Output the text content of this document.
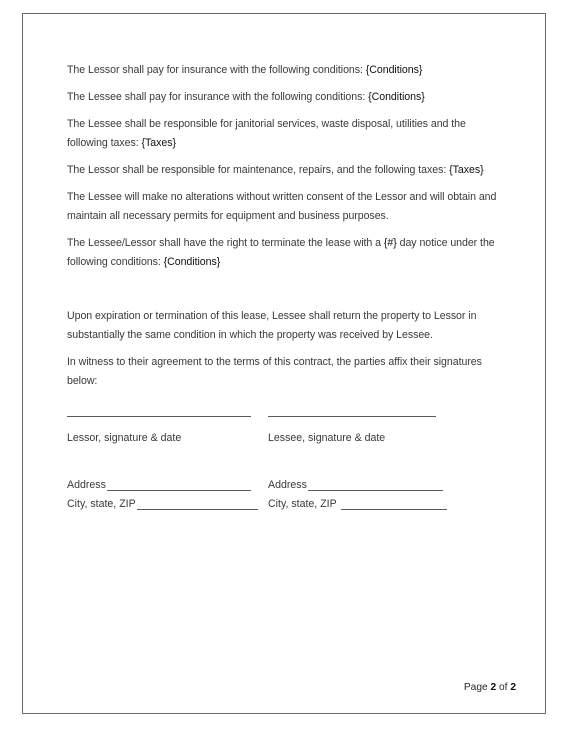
The Lessor shall pay for insurance with the following conditions: {Conditions}

The Lessee shall pay for insurance with the following conditions: {Conditions}

The Lessee shall be responsible for janitorial services, waste disposal, utilities and the following taxes: {Taxes}

The Lessor shall be responsible for maintenance, repairs, and the following taxes: {Taxes}

The Lessee will make no alterations without written consent of the Lessor and will obtain and maintain all necessary permits for equipment and business purposes.

The Lessee/Lessor shall have the right to terminate the lease with a {#} day notice under the following conditions: {Conditions}

Upon expiration or termination of this lease, Lessee shall return the property to Lessor in substantially the same condition in which the property was received by Lessee.

In witness to their agreement to the terms of this contract, the parties affix their signatures below:

Lessor, signature & date	Lessee, signature & date
Address	Address
City, state, ZIP	City, state, ZIP
Page 2 of 2
